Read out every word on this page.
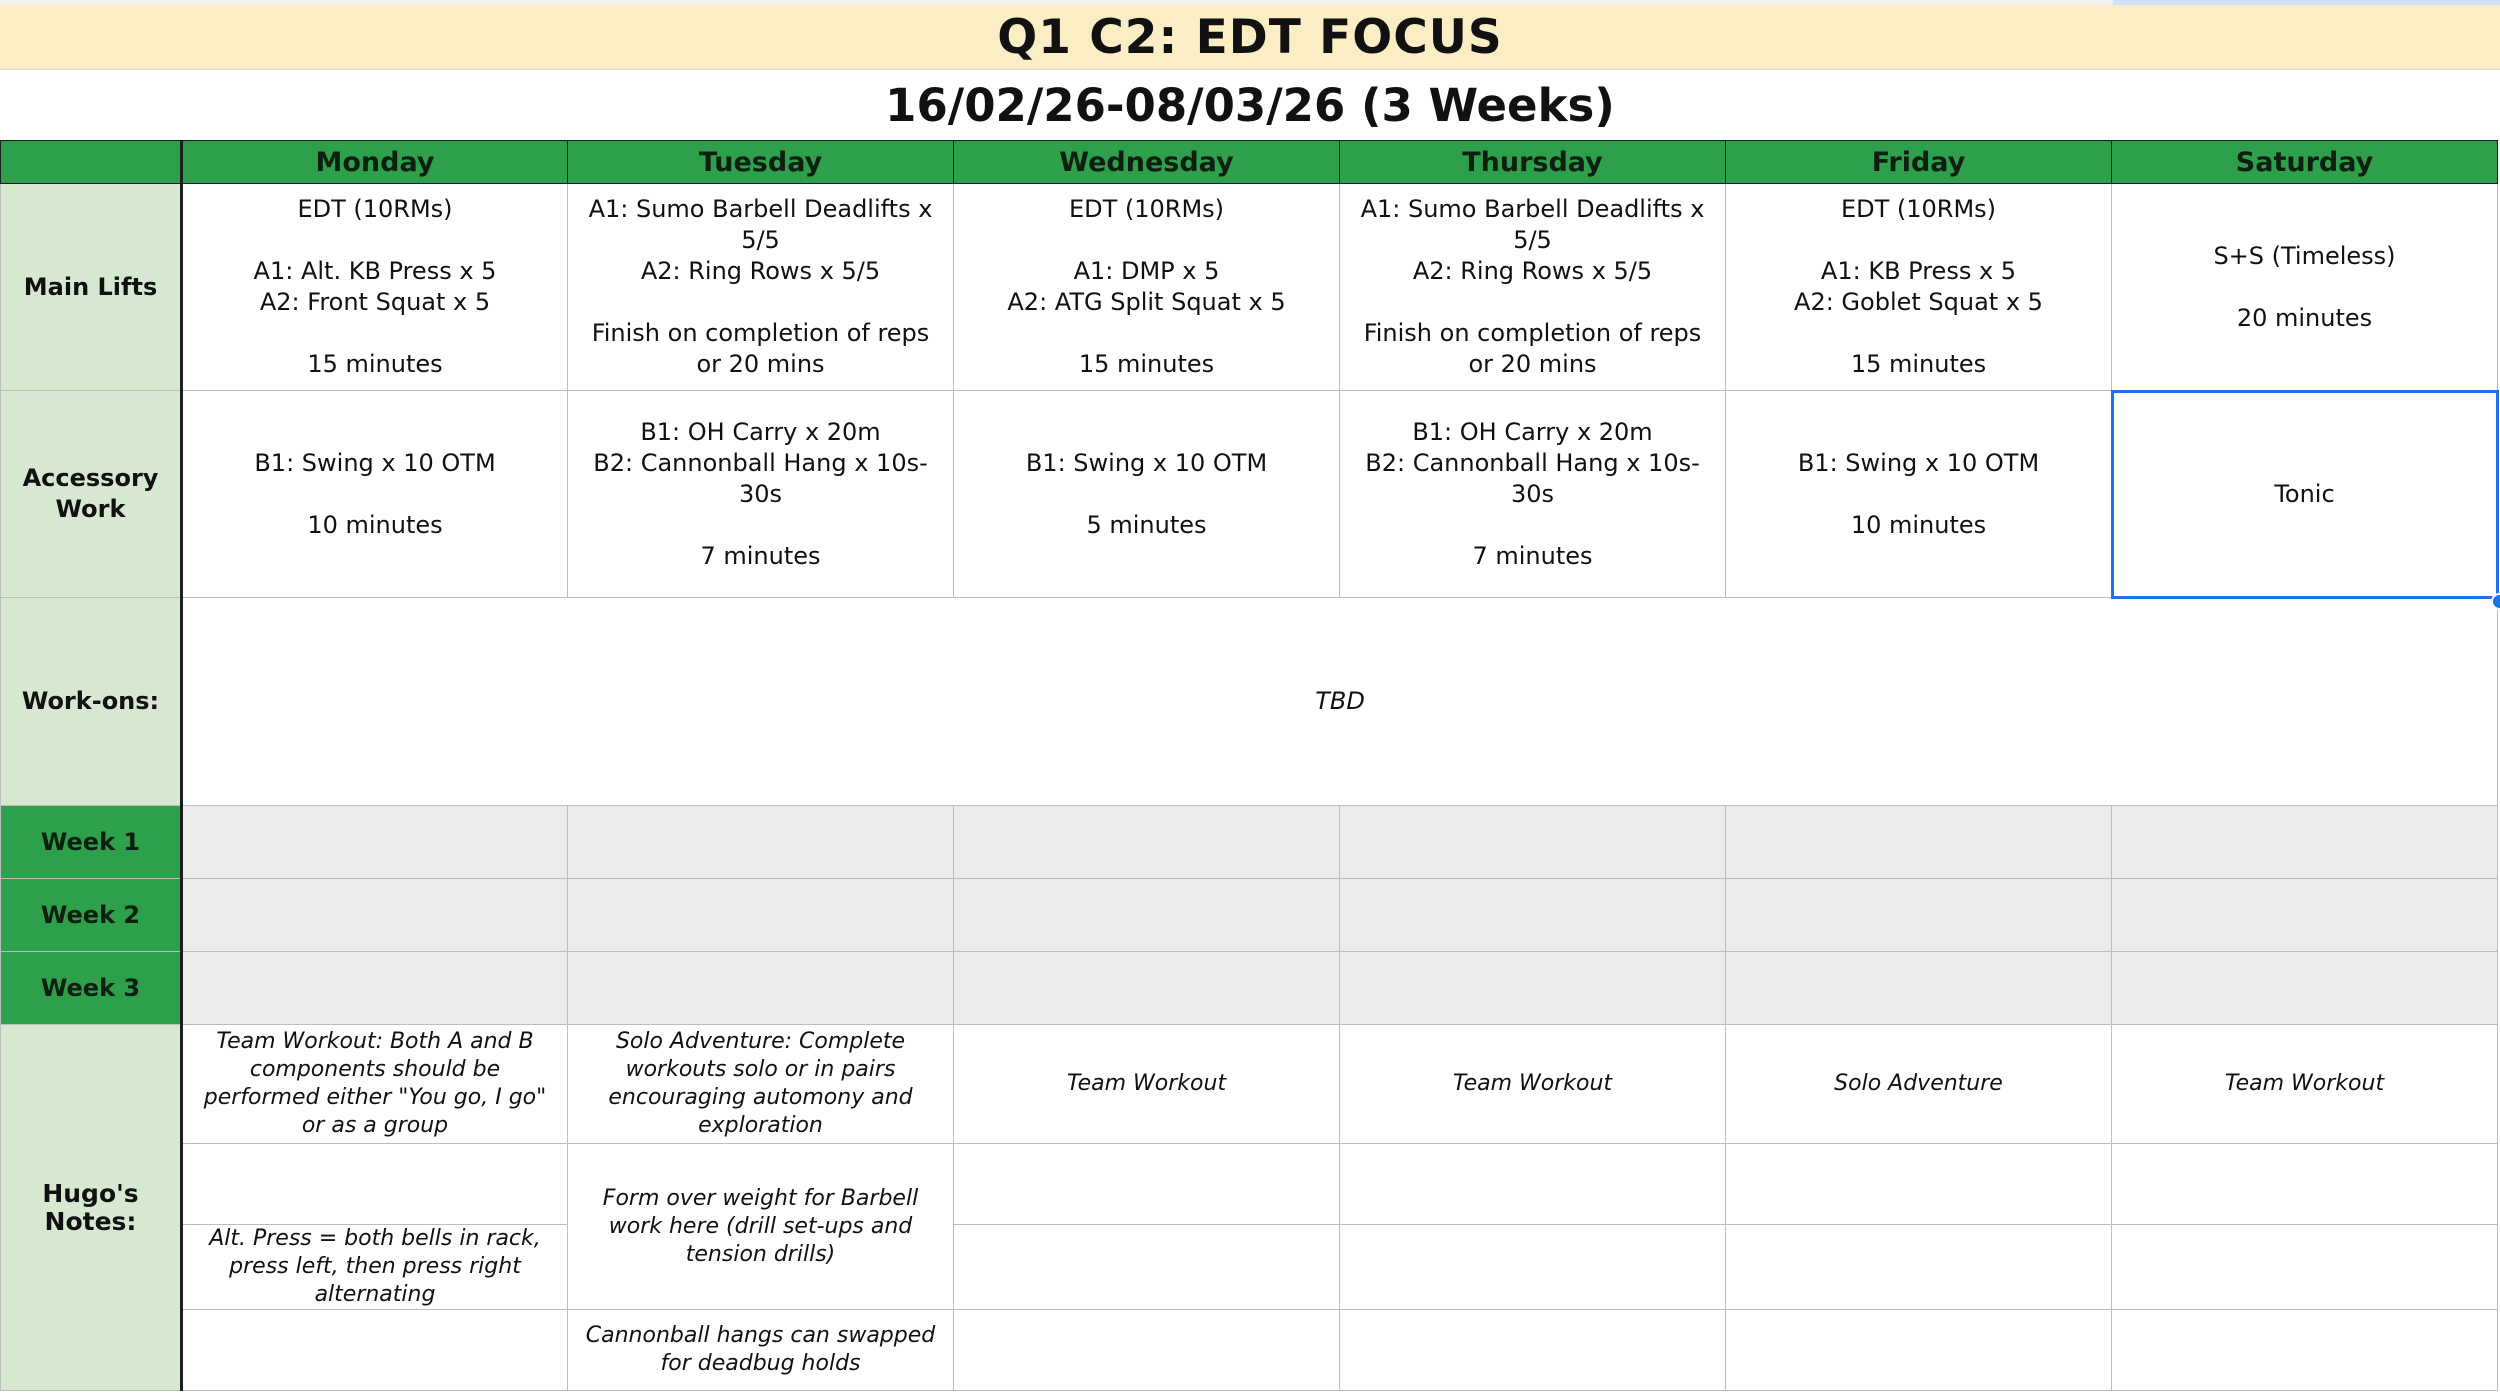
Q1 C2: EDT FOCUS
16/02/26-08/03/26 (3 Weeks)
	Monday	Tuesday	Wednesday	Thursday	Friday	Saturday
Main Lifts	EDT (10RMs)

A1: Alt. KB Press x 5
A2: Front Squat x 5

15 minutes	A1: Sumo Barbell Deadlifts x 5/5
A2: Ring Rows x 5/5

Finish on completion of reps or 20 mins	EDT (10RMs)

A1: DMP x 5
A2: ATG Split Squat x 5

15 minutes	A1: Sumo Barbell Deadlifts x 5/5
A2: Ring Rows x 5/5

Finish on completion of reps or 20 mins	EDT (10RMs)

A1: KB Press x 5
A2: Goblet Squat x 5

15 minutes	S+S (Timeless)

20 minutes
Accessory
Work	B1: Swing x 10 OTM

10 minutes	B1: OH Carry x 20m
B2: Cannonball Hang x 10s-30s

7 minutes	B1: Swing x 10 OTM

5 minutes	B1: OH Carry x 20m
B2: Cannonball Hang x 10s-30s

7 minutes	B1: Swing x 10 OTM

10 minutes	Tonic
Work-ons:	TBD					
Week 1						
Week 2						
Week 3						
Hugo's
Notes:	Team Workout: Both A and B components should be performed either "You go, I go" or as a group	Solo Adventure: Complete workouts solo or in pairs encouraging automony and exploration	Team Workout	Team Workout	Solo Adventure	Team Workout
		Form over weight for Barbell work here (drill set-ups and tension drills)				
	Alt. Press = both bells in rack, press left, then press right alternating					
		Cannonball hangs can swapped for deadbug holds				
